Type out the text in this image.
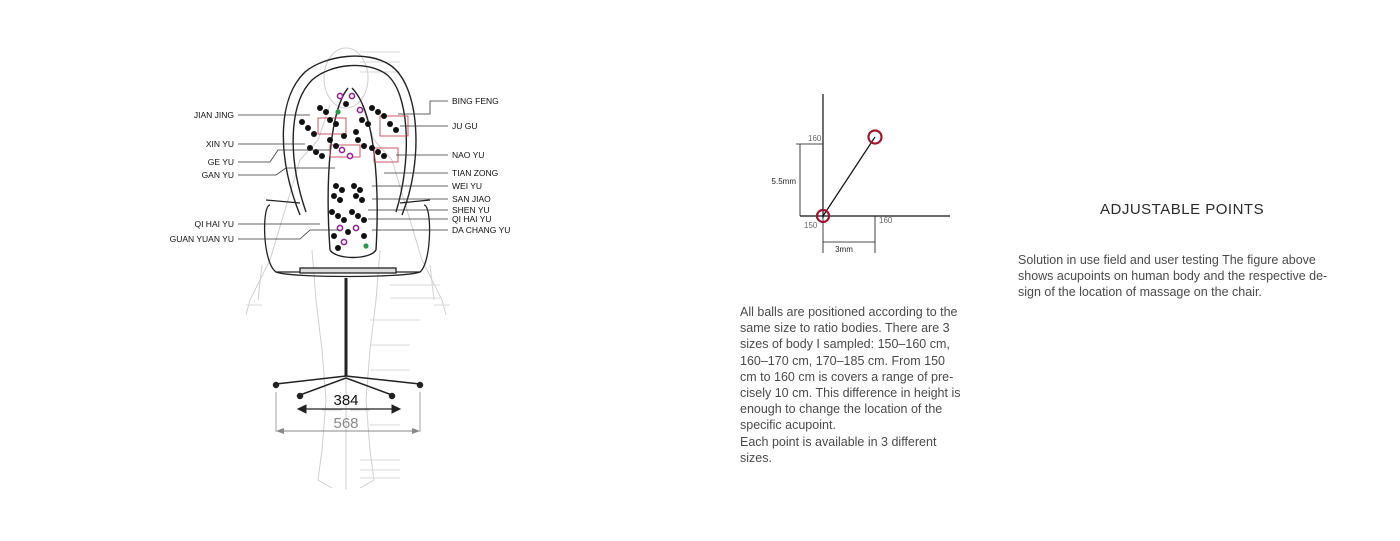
JIAN JING
XIN YU
GE YU
GAN YU
QI HAI YU
GUAN YUAN YU
BING FENG
JU GU
NAO YU
TIAN ZONG
WEI YU
SAN JIAO
SHEN YU
QI HAI YU
DA CHANG YU
384
568
160
5.5mm
160
150
3mm
All balls are positioned according to the same size to ratio bodies. There are 3 sizes of body I sampled: 150–160 cm, 160–170 cm, 170–185 cm. From 150 cm to 160 cm is covers a range of pre-cisely 10 cm. This difference in height is enough to change the location of the specific acupoint.
Each point is available in 3 different sizes.
ADJUSTABLE POINTS
Solution in use field and user testing The figure above shows acupoints on human body and the respective de-sign of the location of massage on the chair.
